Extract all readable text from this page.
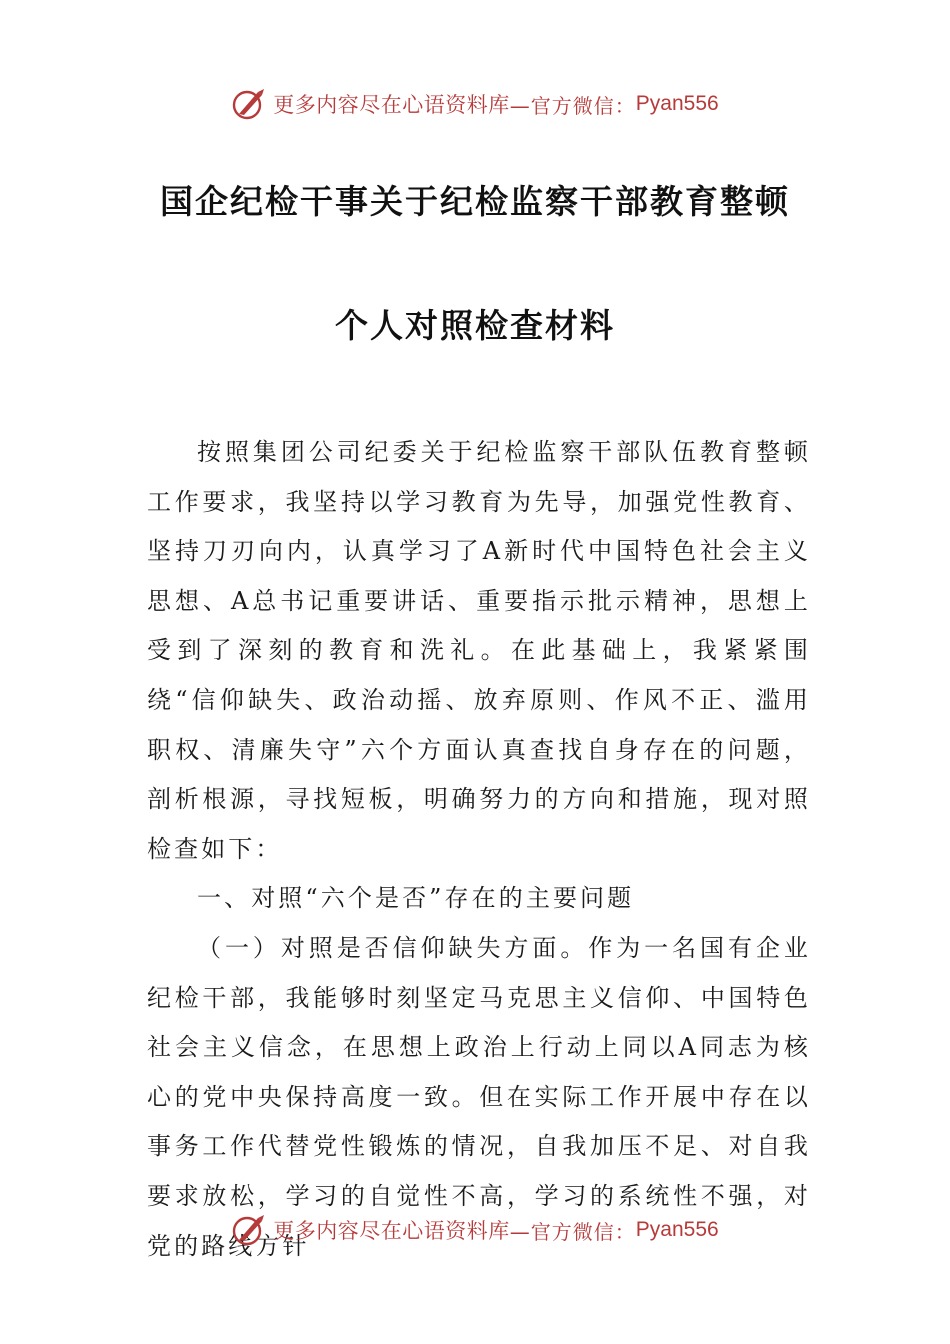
更多内容尽在心语资料库 —官方微信： Pyan556
国企纪检干事关于纪检监察干部教育整顿
个人对照检查材料

按照集团公司纪委关于纪检监察干部队伍教育整顿工作要求，我坚持以学习教育为先导，加强党性教育、坚持刀刃向内，认真学习了A新时代中国特色社会主义思想、A总书记重要讲话、重要指示批示精神，思想上受到了深刻的教育和洗礼。在此基础上，我紧紧围绕“信仰缺失、政治动摇、放弃原则、作风不正、滥用职权、清廉失守”六个方面认真查找自身存在的问题，剖析根源，寻找短板，明确努力的方向和措施，现对照检查如下：

一、对照“六个是否”存在的主要问题

（一）对照是否信仰缺失方面。作为一名国有企业纪检干部，我能够时刻坚定马克思主义信仰、中国特色社会主义信念，在思想上政治上行动上同以A同志为核心的党中央保持高度一致。但在实际工作开展中存在以事务工作代替党性锻炼的情况，自我加压不足、对自我要求放松，学习的自觉性不高，学习的系统性不强，对党的路线方针

更多内容尽在心语资料库 —官方微信： Pyan556
